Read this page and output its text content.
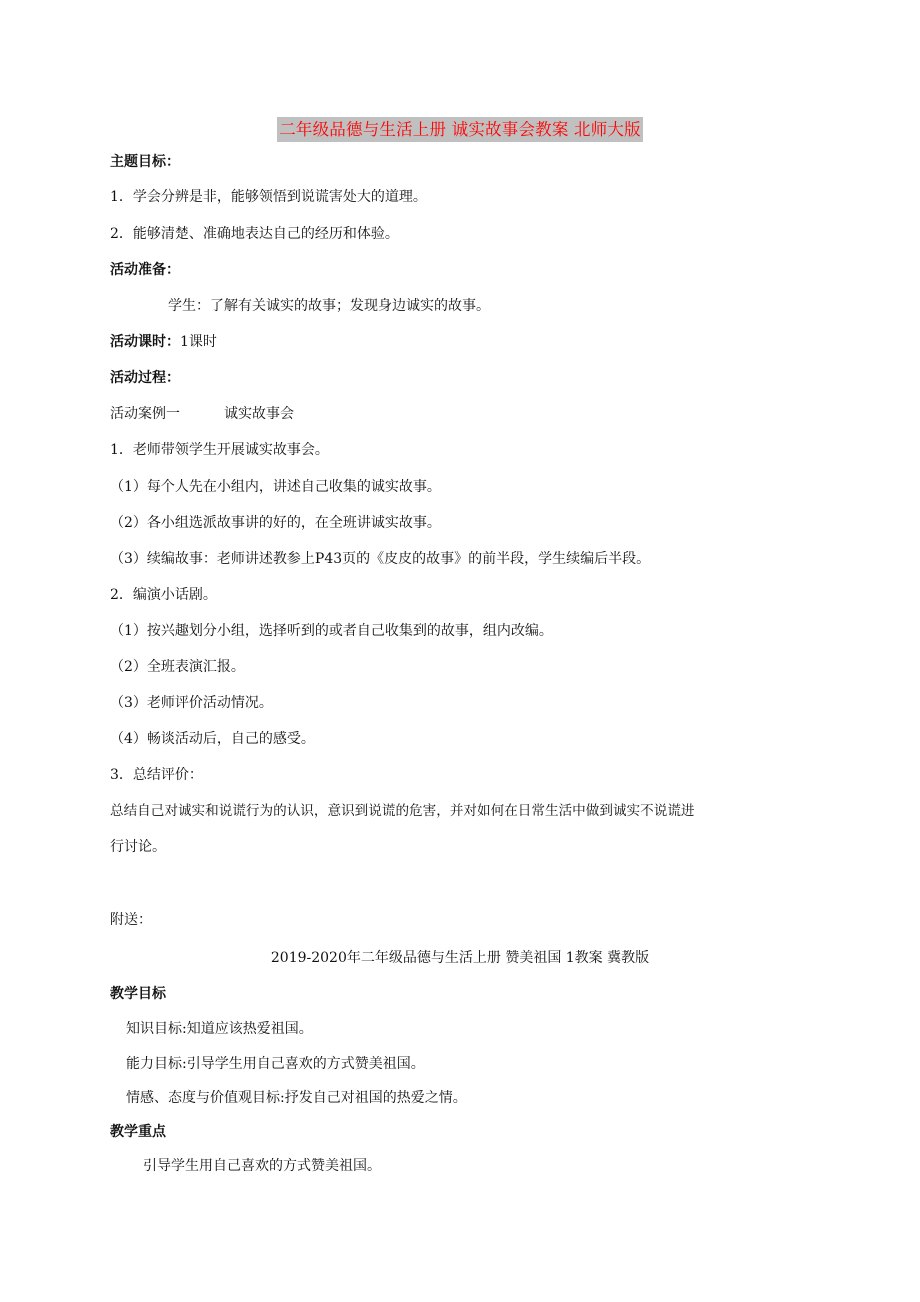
二年级品德与生活上册 诚实故事会教案 北师大版
主题目标：
1．学会分辨是非，能够领悟到说谎害处大的道理。
2．能够清楚、准确地表达自己的经历和体验。
活动准备：
学生：了解有关诚实的故事；发现身边诚实的故事。
活动课时：1课时
活动过程：
活动案例一	诚实故事会
1．老师带领学生开展诚实故事会。
（1）每个人先在小组内，讲述自己收集的诚实故事。
（2）各小组选派故事讲的好的，在全班讲诚实故事。
（3）续编故事：老师讲述教参上P43页的《皮皮的故事》的前半段，学生续编后半段。
2．编演小话剧。
（1）按兴趣划分小组，选择听到的或者自己收集到的故事，组内改编。
（2）全班表演汇报。
（3）老师评价活动情况。
（4）畅谈活动后，自己的感受。
3．总结评价：
总结自己对诚实和说谎行为的认识，意识到说谎的危害，并对如何在日常生活中做到诚实不说谎进
行讨论。
附送：
2019-2020年二年级品德与生活上册 赞美祖国 1教案 冀教版
教学目标
知识目标:知道应该热爱祖国。
能力目标:引导学生用自己喜欢的方式赞美祖国。
情感、态度与价值观目标:抒发自己对祖国的热爱之情。
教学重点
引导学生用自己喜欢的方式赞美祖国。
